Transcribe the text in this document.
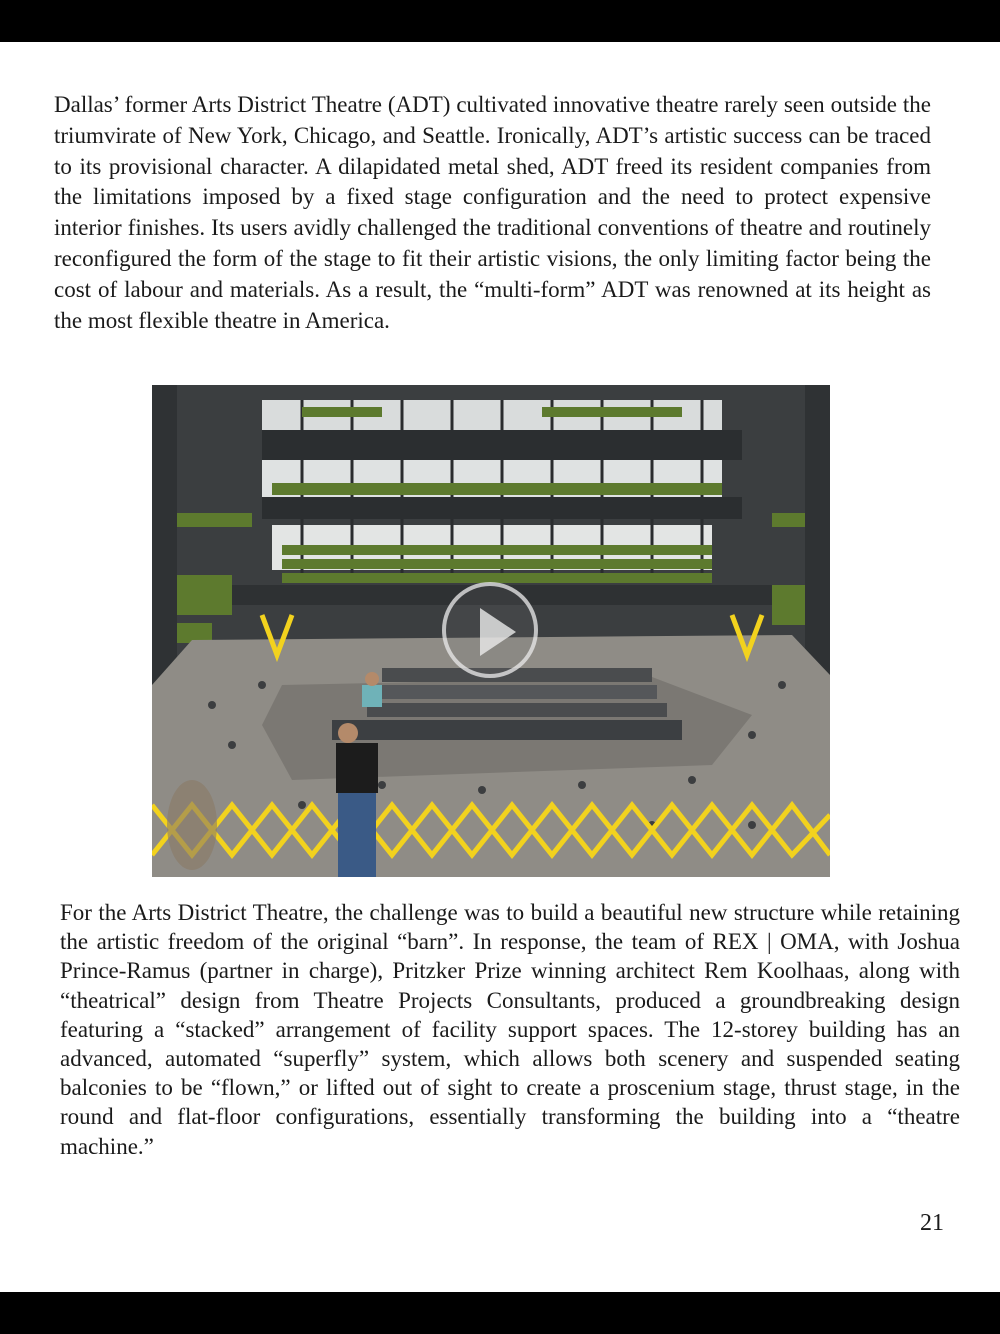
Dallas’ former Arts District Theatre (ADT) cultivated innovative theatre rarely seen outside the triumvirate of New York, Chicago, and Seattle. Ironically, ADT’s artistic success can be traced to its provisional character. A dilapidated metal shed, ADT freed its resident companies from the limitations imposed by a fixed stage configuration and the need to protect expensive interior finishes. Its users avidly challenged the traditional conventions of theatre and routinely reconfigured the form of the stage to fit their artistic visions, the only limiting factor being the cost of labour and materials. As a result, the “multi-form” ADT was renowned at its height as the most flexible theatre in America.

For the Arts District Theatre, the challenge was to build a beautiful new structure while retaining the artistic freedom of the original “barn”. In response, the team of REX | OMA, with Joshua Prince-Ramus (partner in charge), Pritzker Prize winning architect Rem Koolhaas, along with “theatrical” design from Theatre Projects Consultants, produced a groundbreaking design featuring a “stacked” arrangement of facility support spaces. The 12-storey building has an advanced, automated “superfly” system, which allows both scenery and suspended seating balconies to be “flown,” or lifted out of sight to create a proscenium stage, thrust stage, in the round and flat-floor configurations, essentially transforming the building into a “theatre machine.”

21
